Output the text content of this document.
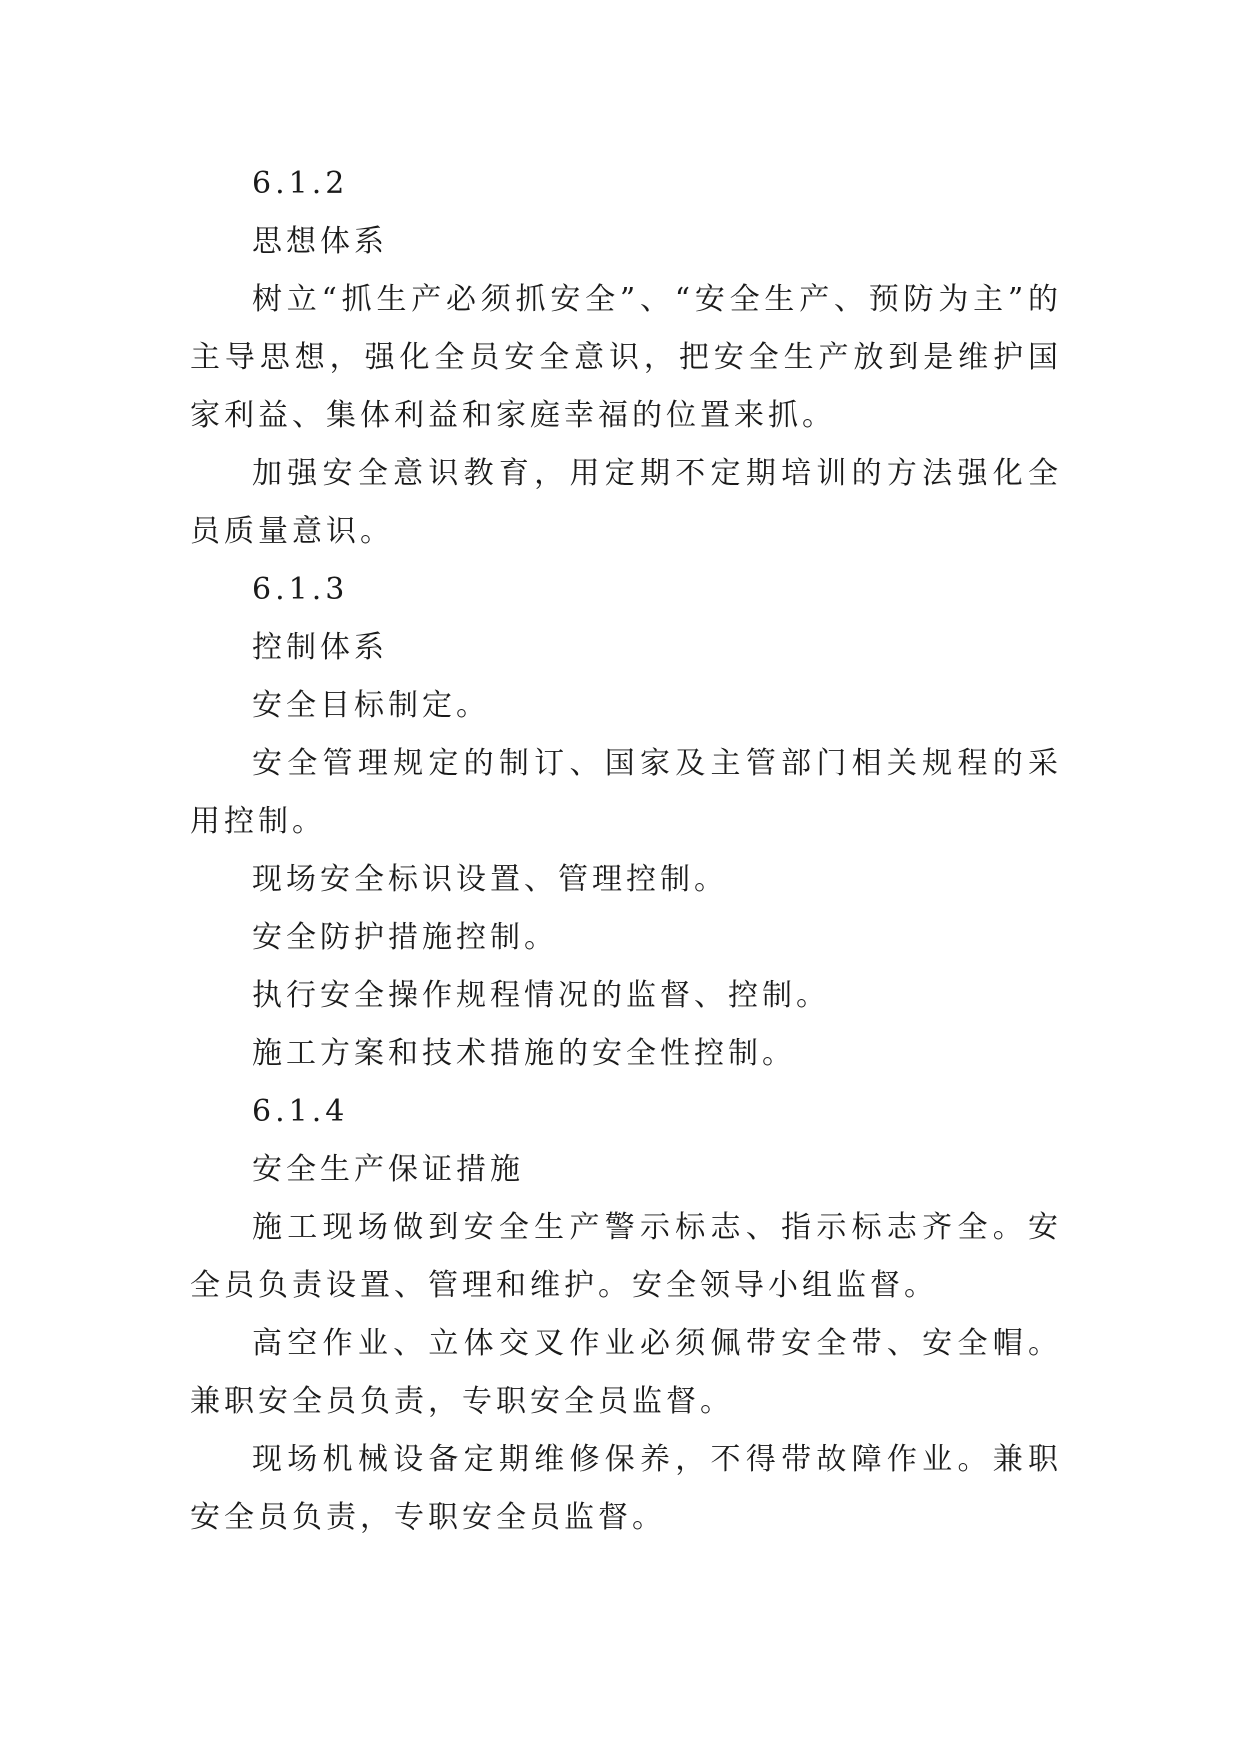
6.1.2

思想体系

树立“抓生产必须抓安全”、“安全生产、预防为主”的主导思想，强化全员安全意识，把安全生产放到是维护国家利益、集体利益和家庭幸福的位置来抓。

加强安全意识教育，用定期不定期培训的方法强化全员质量意识。

6.1.3

控制体系

安全目标制定。

安全管理规定的制订、国家及主管部门相关规程的采用控制。

现场安全标识设置、管理控制。

安全防护措施控制。

执行安全操作规程情况的监督、控制。

施工方案和技术措施的安全性控制。

6.1.4

安全生产保证措施

施工现场做到安全生产警示标志、指示标志齐全。安全员负责设置、管理和维护。安全领导小组监督。

高空作业、立体交叉作业必须佩带安全带、安全帽。兼职安全员负责，专职安全员监督。

现场机械设备定期维修保养，不得带故障作业。兼职安全员负责，专职安全员监督。
